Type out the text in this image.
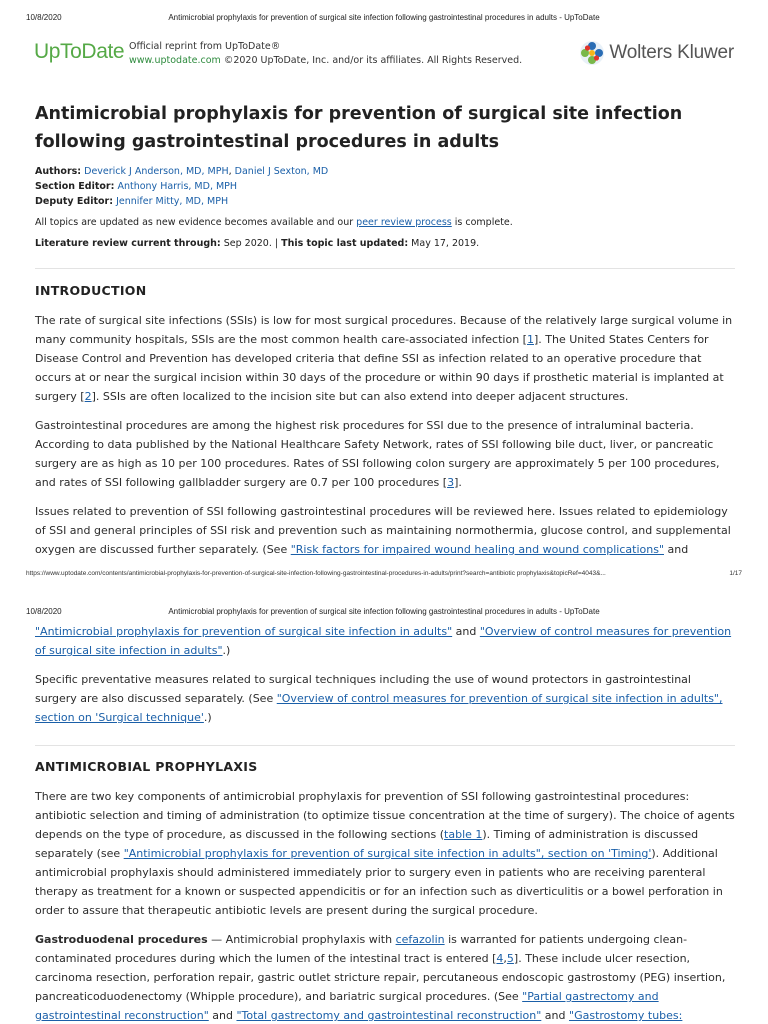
10/8/2020	Antimicrobial prophylaxis for prevention of surgical site infection following gastrointestinal procedures in adults - UpToDate
UpToDate Official reprint from UpToDate®
www.uptodate.com ©2020 UpToDate, Inc. and/or its affiliates. All Rights Reserved.	Wolters Kluwer
Antimicrobial prophylaxis for prevention of surgical site infection following gastrointestinal procedures in adults
Authors: Deverick J Anderson, MD, MPH, Daniel J Sexton, MD
Section Editor: Anthony Harris, MD, MPH
Deputy Editor: Jennifer Mitty, MD, MPH
All topics are updated as new evidence becomes available and our peer review process is complete.
Literature review current through: Sep 2020. | This topic last updated: May 17, 2019.
INTRODUCTION

The rate of surgical site infections (SSIs) is low for most surgical procedures. Because of the relatively large surgical volume in many community hospitals, SSIs are the most common health care-associated infection [1]. The United States Centers for Disease Control and Prevention has developed criteria that define SSI as infection related to an operative procedure that occurs at or near the surgical incision within 30 days of the procedure or within 90 days if prosthetic material is implanted at surgery [2]. SSIs are often localized to the incision site but can also extend into deeper adjacent structures.

Gastrointestinal procedures are among the highest risk procedures for SSI due to the presence of intraluminal bacteria. According to data published by the National Healthcare Safety Network, rates of SSI following bile duct, liver, or pancreatic surgery are as high as 10 per 100 procedures. Rates of SSI following colon surgery are approximately 5 per 100 procedures, and rates of SSI following gallbladder surgery are 0.7 per 100 procedures [3].

Issues related to prevention of SSI following gastrointestinal procedures will be reviewed here. Issues related to epidemiology of SSI and general principles of SSI risk and prevention such as maintaining normothermia, glucose control, and supplemental oxygen are discussed further separately. (See "Risk factors for impaired wound healing and wound complications" and

https://www.uptodate.com/contents/antimicrobial-prophylaxis-for-prevention-of-surgical-site-infection-following-gastrointestinal-procedures-in-adults/print?search=antibiotic prophylaxis&topicRef=4043&...	1/17
10/8/2020	Antimicrobial prophylaxis for prevention of surgical site infection following gastrointestinal procedures in adults - UpToDate

"Antimicrobial prophylaxis for prevention of surgical site infection in adults" and "Overview of control measures for prevention of surgical site infection in adults".)

Specific preventative measures related to surgical techniques including the use of wound protectors in gastrointestinal surgery are also discussed separately. (See "Overview of control measures for prevention of surgical site infection in adults", section on 'Surgical technique'.)

ANTIMICROBIAL PROPHYLAXIS

There are two key components of antimicrobial prophylaxis for prevention of SSI following gastrointestinal procedures: antibiotic selection and timing of administration (to optimize tissue concentration at the time of surgery). The choice of agents depends on the type of procedure, as discussed in the following sections (table 1). Timing of administration is discussed separately (see "Antimicrobial prophylaxis for prevention of surgical site infection in adults", section on 'Timing'). Additional antimicrobial prophylaxis should administered immediately prior to surgery even in patients who are receiving parenteral therapy as treatment for a known or suspected appendicitis or for an infection such as diverticulitis or a bowel perforation in order to assure that therapeutic antibiotic levels are present during the surgical procedure.

Gastroduodenal procedures — Antimicrobial prophylaxis with cefazolin is warranted for patients undergoing clean-contaminated procedures during which the lumen of the intestinal tract is entered [4,5]. These include ulcer resection, carcinoma resection, perforation repair, gastric outlet stricture repair, percutaneous endoscopic gastrostomy (PEG) insertion, pancreaticoduodenectomy (Whipple procedure), and bariatric surgical procedures. (See "Partial gastrectomy and gastrointestinal reconstruction" and "Total gastrectomy and gastrointestinal reconstruction" and "Gastrostomy tubes:
